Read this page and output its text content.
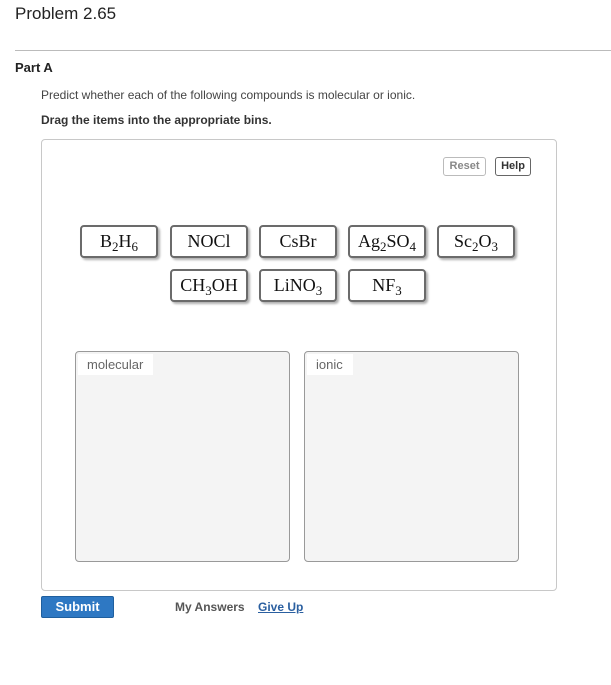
Problem 2.65
Part A
Predict whether each of the following compounds is molecular or ionic.
Drag the items into the appropriate bins.
Reset	Help
$B_2H_6$	NOCl	CsBr $Ag_2SO_4$ $Sc_2O_3$
$CH_3OH$ LiNO$_3$	$NF_3$
molecular	ionic
Submit	My Answers Give Up
